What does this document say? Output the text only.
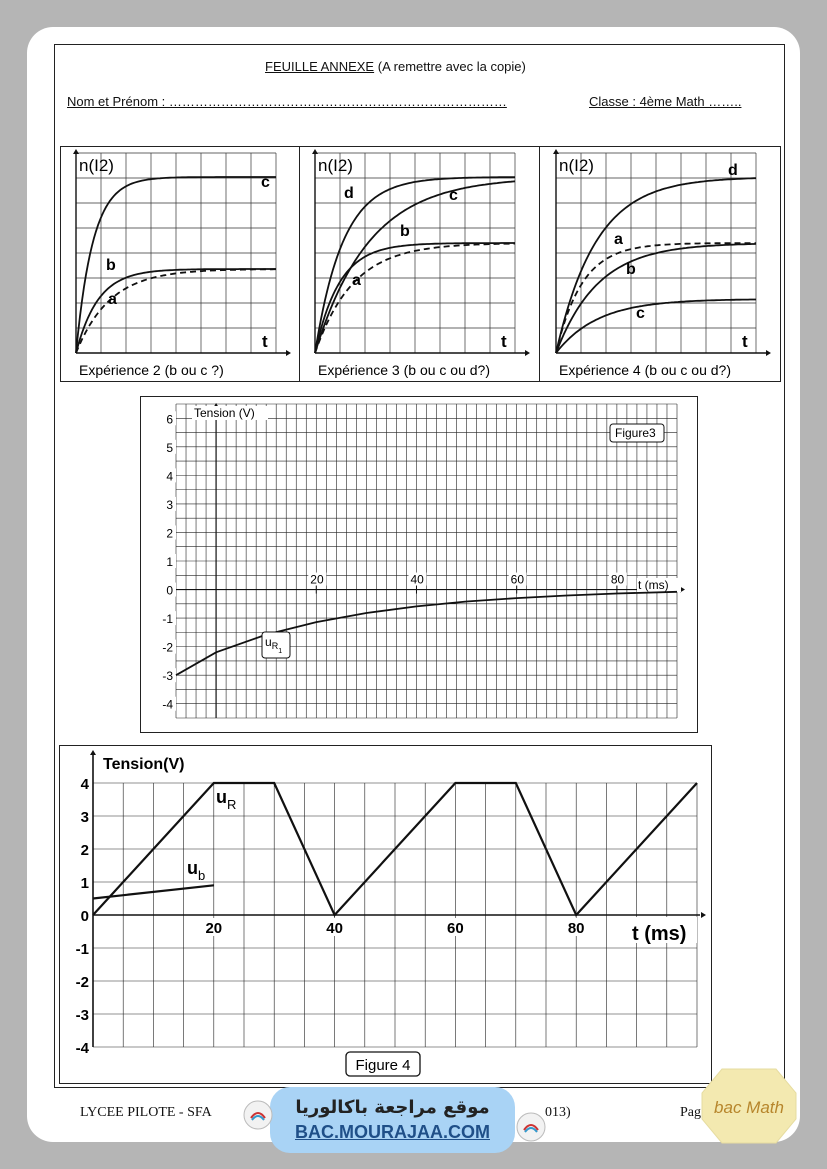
FEUILLE ANNEXE (A remettre avec la copie)
Nom et Prénom : ……………………………………………………………………	Classe : 4ème Math ……..
n(I2)
t
Expérience 2 (b ou c ?)
c
b
a
n(I2)
t
Expérience 3 (b ou c ou d?)
d	c
b
a
n(I2)
t
Expérience 4 (b ou c ou d?)
d
a
b
c
6
5
4
3
2
1
0
-1
-2
-3
-4
20	40	60	80
Tension (V)
t (ms)
Figure3
$u_{R1}$
4
3
2
1
0
-1
-2
-3
-4
20	40	60	80
Tension(V)
t (ms)
Figure 4
$u_R$
$u_b$
LYCEE PILOTE - SFA	013)	Pag
موقع مراجعة باكالوريا
BAC.MOURAJAA.COM
bac Math
